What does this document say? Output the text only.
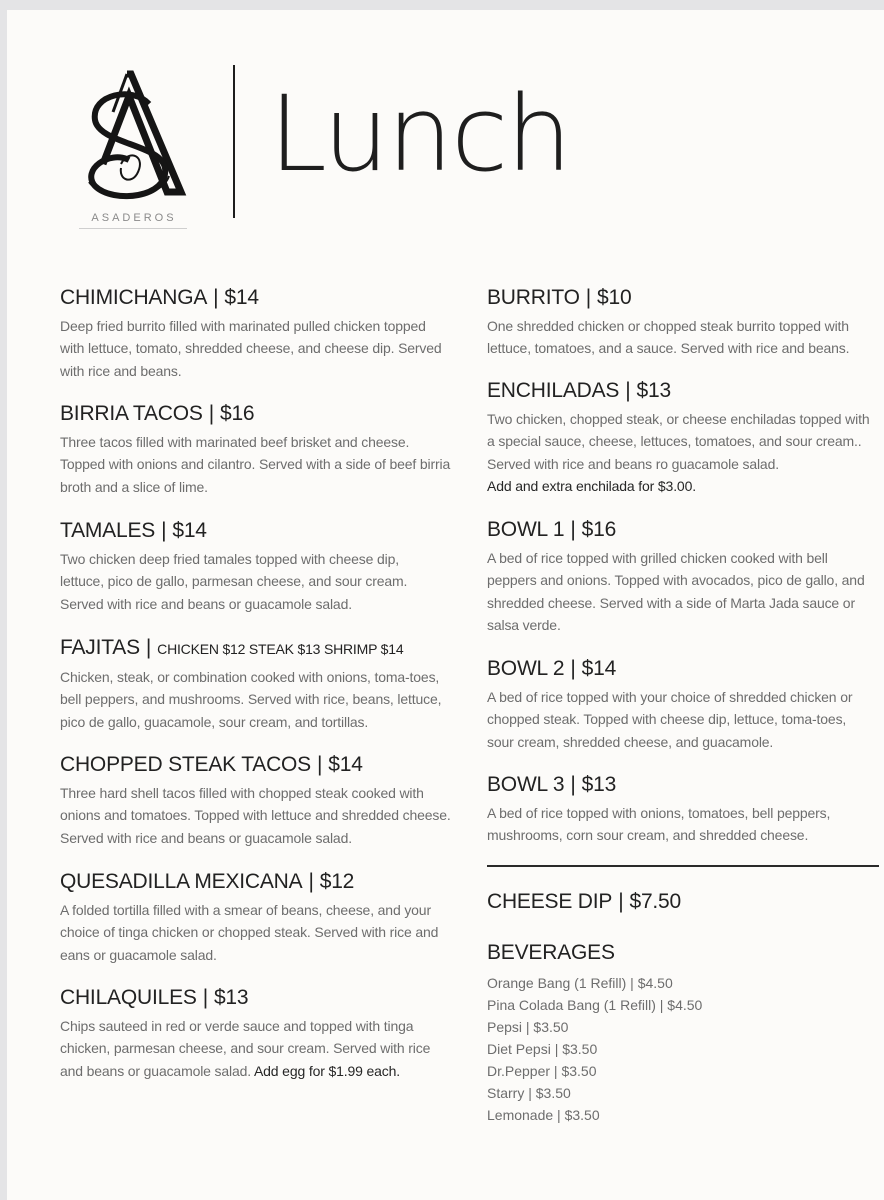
ASADEROS
Lunch
CHIMICHANGA | $14
Deep fried burrito filled with marinated pulled chicken topped with lettuce, tomato, shredded cheese, and cheese dip. Served with rice and beans.
BIRRIA TACOS | $16
Three tacos filled with marinated beef brisket and cheese. Topped with onions and cilantro. Served with a side of beef birria broth and a slice of lime.
TAMALES | $14
Two chicken deep fried tamales topped with cheese dip, lettuce, pico de gallo, parmesan cheese, and sour cream. Served with rice and beans or guacamole salad.
FAJITAS | CHICKEN $12 STEAK $13 SHRIMP $14
Chicken, steak, or combination cooked with onions, toma-toes, bell peppers, and mushrooms. Served with rice, beans, lettuce, pico de gallo, guacamole, sour cream, and tortillas.
CHOPPED STEAK TACOS | $14
Three hard shell tacos filled with chopped steak cooked with onions and tomatoes. Topped with lettuce and shredded cheese. Served with rice and beans or guacamole salad.
QUESADILLA MEXICANA | $12
A folded tortilla filled with a smear of beans, cheese, and your choice of tinga chicken or chopped steak. Served with rice and eans or guacamole salad.
CHILAQUILES | $13
Chips sauteed in red or verde sauce and topped with tinga chicken, parmesan cheese, and sour cream. Served with rice and beans or guacamole salad. Add egg for $1.99 each.
BURRITO | $10
One shredded chicken or chopped steak burrito topped with lettuce, tomatoes, and a sauce. Served with rice and beans.
ENCHILADAS | $13
Two chicken, chopped steak, or cheese enchiladas topped with a special sauce, cheese, lettuces, tomatoes, and sour cream.. Served with rice and beans ro guacamole salad.
Add and extra enchilada for $3.00.
BOWL 1 | $16
A bed of rice topped with grilled chicken cooked with bell peppers and onions. Topped with avocados, pico de gallo, and shredded cheese. Served with a side of Marta Jada sauce or salsa verde.
BOWL 2 | $14
A bed of rice topped with your choice of shredded chicken or chopped steak. Topped with cheese dip, lettuce, toma-toes, sour cream, shredded cheese, and guacamole.
BOWL 3 | $13
A bed of rice topped with onions, tomatoes, bell peppers, mushrooms, corn sour cream, and shredded cheese.
CHEESE DIP | $7.50
BEVERAGES
Orange Bang (1 Refill) | $4.50
Pina Colada Bang (1 Refill) | $4.50
Pepsi | $3.50
Diet Pepsi | $3.50
Dr.Pepper | $3.50
Starry | $3.50
Lemonade | $3.50
